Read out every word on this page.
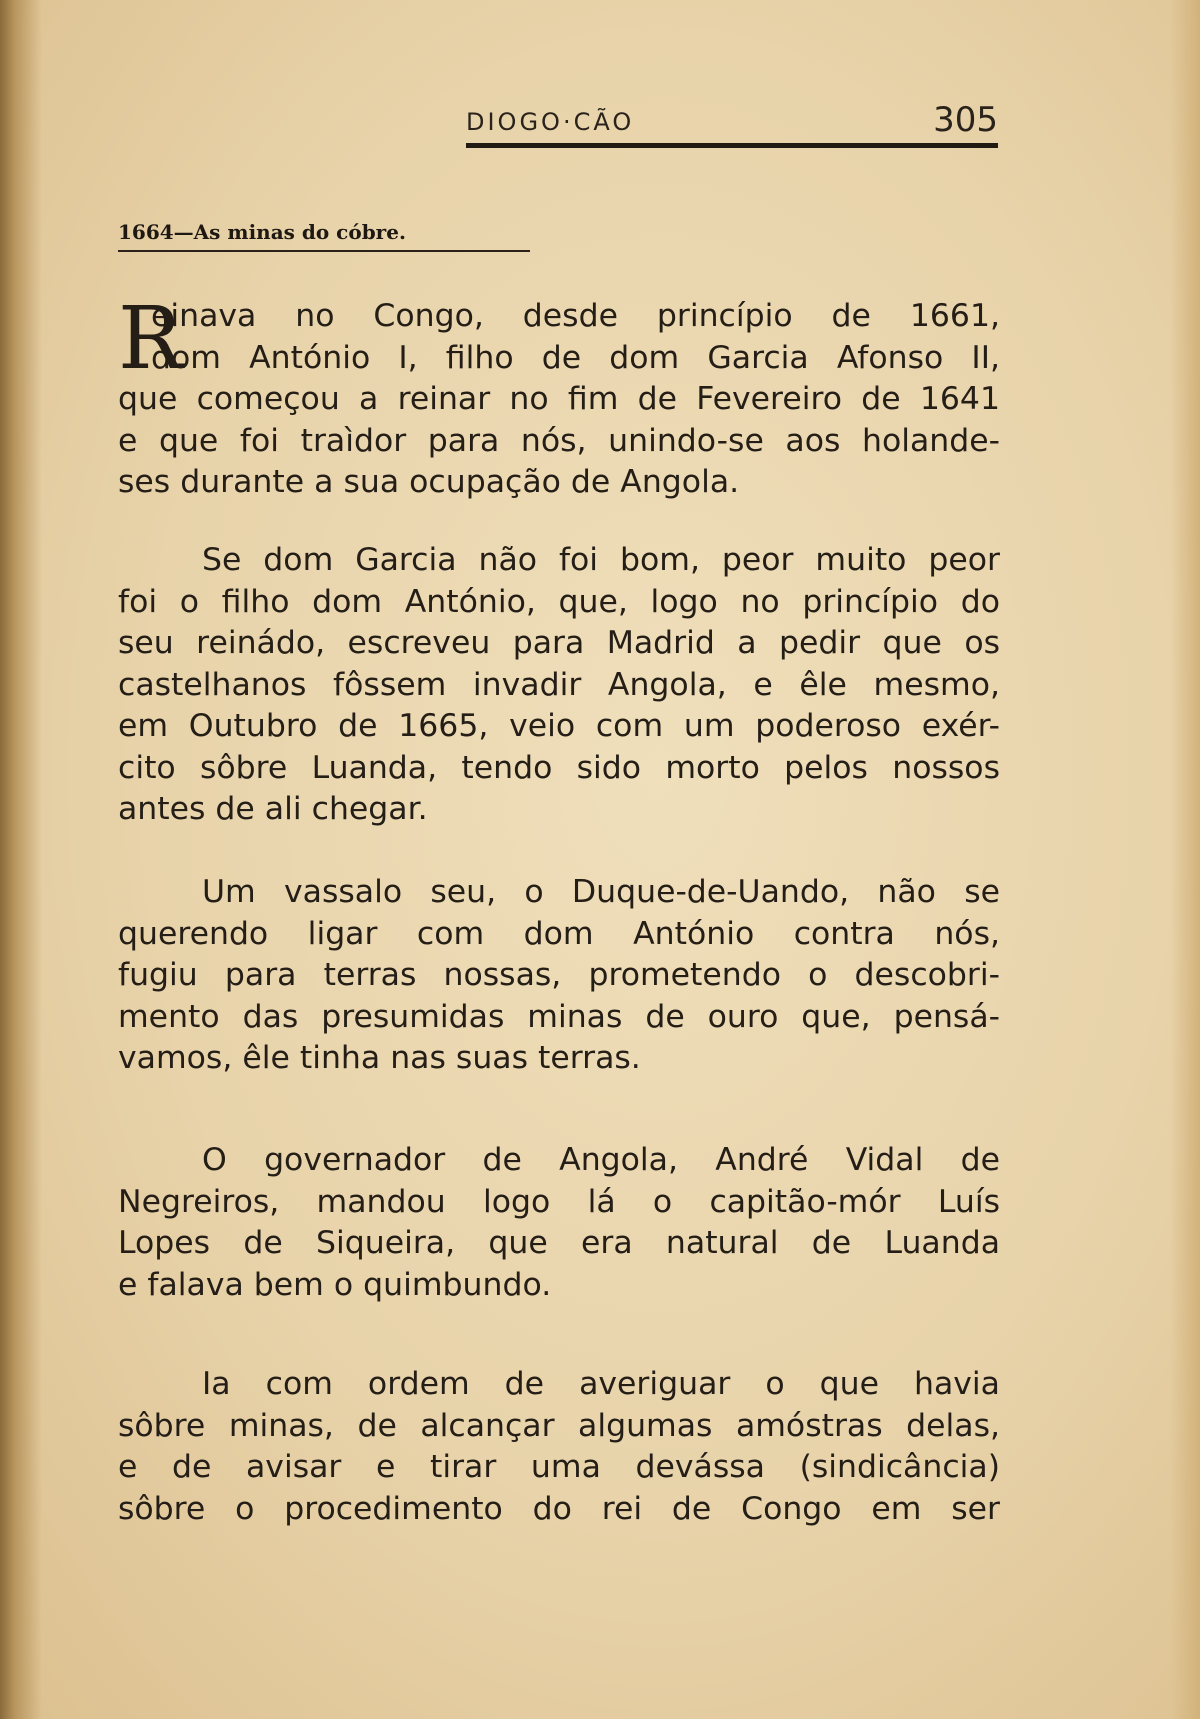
DIOGO·CÃO	305
1664—As minas do cóbre.
R
einava no Congo, desde princípio de 1661,
dom António I, filho de dom Garcia Afonso II,
que começou a reinar no fim de Fevereiro de 1641
e que foi traìdor para nós, unindo-se aos holande-
ses durante a sua ocupação de Angola.
Se dom Garcia não foi bom, peor muito peor
foi o filho dom António, que, logo no princípio do
seu reinádo, escreveu para Madrid a pedir que os
castelhanos fôssem invadir Angola, e êle mesmo,
em Outubro de 1665, veio com um poderoso exér-
cito sôbre Luanda, tendo sido morto pelos nossos
antes de ali chegar.
Um vassalo seu, o Duque-de-Uando, não se
querendo ligar com dom António contra nós,
fugiu para terras nossas, prometendo o descobri-
mento das presumidas minas de ouro que, pensá-
vamos, êle tinha nas suas terras.
O governador de Angola, André Vidal de
Negreiros, mandou logo lá o capitão-mór Luís
Lopes de Siqueira, que era natural de Luanda
e falava bem o quimbundo.
Ia com ordem de averiguar o que havia
sôbre minas, de alcançar algumas amóstras delas,
e de avisar e tirar uma devássa (sindicância)
sôbre o procedimento do rei de Congo em ser
